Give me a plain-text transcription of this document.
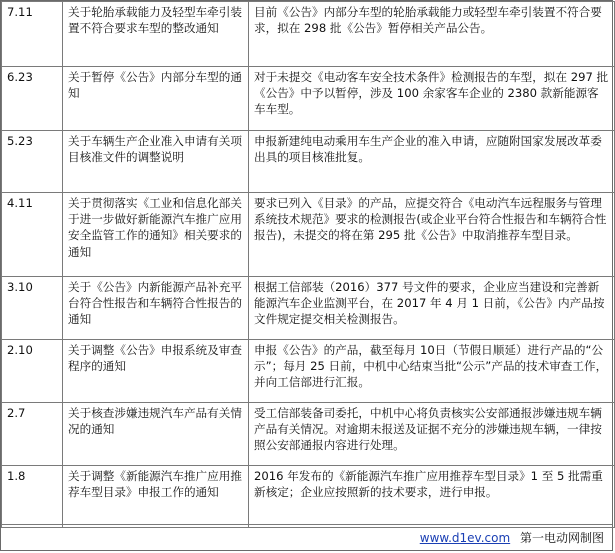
7.11	关于轮胎承载能力及轻型车牵引装置不符合要求车型的整改通知	目前《公告》内部分车型的轮胎承载能力或轻型车牵引装置不符合要求，拟在 298 批《公告》暂停相关产品公告。
6.23	关于暂停《公告》内部分车型的通知	对于未提交《电动客车安全技术条件》检测报告的车型，拟在 297 批《公告》中予以暂停，涉及 100 余家客车企业的 2380 款新能源客车车型。
5.23	关于车辆生产企业准入申请有关项目核准文件的调整说明	申报新建纯电动乘用车生产企业的准入申请，应随附国家发展改革委出具的项目核准批复。
4.11	关于贯彻落实《工业和信息化部关于进一步做好新能源汽车推广应用安全监管工作的通知》相关要求的通知	要求已列入《目录》的产品，应提交符合《电动汽车远程服务与管理系统技术规范》要求的检测报告(或企业平台符合性报告和车辆符合性报告)，未提交的将在第 295 批《公告》中取消推荐车型目录。
3.10	关于《公告》内新能源产品补充平台符合性报告和车辆符合性报告的通知	根据工信部装（2016）377 号文件的要求，企业应当建设和完善新能源汽车企业监测平台，在 2017 年 4 月 1 日前，《公告》内产品按文件规定提交相关检测报告。
2.10	关于调整《公告》申报系统及审查程序的通知	申报《公告》的产品，截至每月 10日（节假日顺延）进行产品的“公示”；每月 25 日前，中机中心结束当批“公示”产品的技术审查工作，并向工信部进行汇报。
2.7	关于核查涉嫌违规汽车产品有关情况的通知	受工信部装备司委托，中机中心将负责核实公安部通报涉嫌违规车辆产品有关情况。对逾期未报送及证据不充分的涉嫌违规车辆，一律按照公安部通报内容进行处理。
1.8	关于调整《新能源汽车推广应用推荐车型目录》申报工作的通知	2016 年发布的《新能源汽车推广应用推荐车型目录》1 至 5 批需重新核定；企业应按照新的技术要求，进行申报。
www.d1ev.com 第一电动网制图
